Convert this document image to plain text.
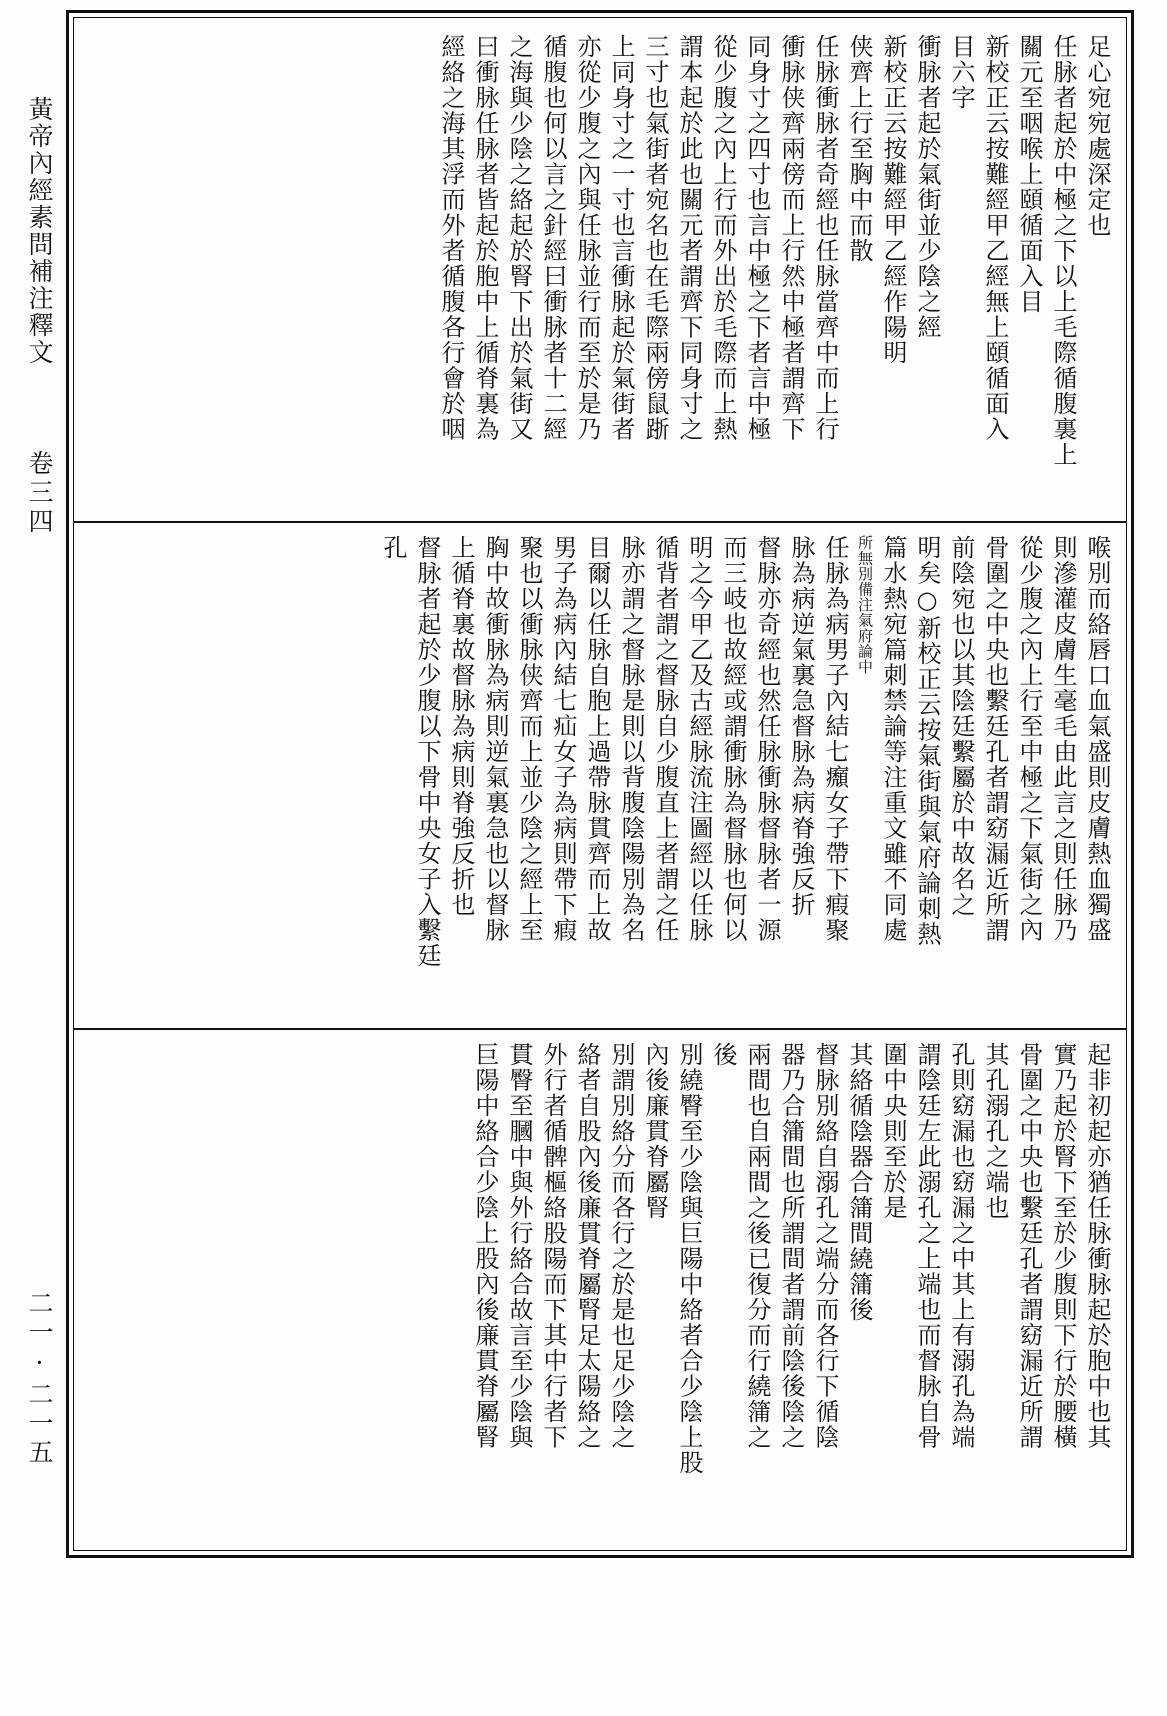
黃帝內經素問補注釋文
卷三四
二一·二一五
足心宛宛處深定也
任脉者起於中極之下以上毛際循腹裏上
關元至咽喉上頤循面入目
新校正云按難經甲乙經無上頤循面入
目六字
衝脉者起於氣街並少陰之經
新校正云按難經甲乙經作陽明
侠齊上行至胸中而散
任脉衝脉者奇經也任脉當齊中而上行
衝脉侠齊兩傍而上行然中極者謂齊下
同身寸之四寸也言中極之下者言中極
從少腹之內上行而外出於毛際而上熱
謂本起於此也關元者謂齊下同身寸之
三寸也氣街者宛名也在毛際兩傍鼠䟷
上同身寸之一寸也言衝脉起於氣街者
亦從少腹之內與任脉並行而至於是乃
循腹也何以言之針經曰衝脉者十二經
之海與少陰之絡起於腎下出於氣街又
曰衝脉任脉者皆起於胞中上循脊裏為
經絡之海其浮而外者循腹各行會於咽
喉別而絡唇口血氣盛則皮膚熱血獨盛
則滲灌皮膚生毫毛由此言之則任脉乃
從少腹之內上行至中極之下氣街之內
骨圍之中央也繫廷孔者謂窈漏近所謂
前陰宛也以其陰廷繫屬於中故名之
明矣○新校正云按氣街與氣府論刺熱
篇水熱宛篇刺禁論等注重文雖不同處
所無別備注氣府論中
任脉為病男子內結七㿗女子帶下瘕聚
脉為病逆氣裏急督脉為病脊強反折
督脉亦奇經也然任脉衝脉督脉者一源
而三岐也故經或謂衝脉為督脉也何以
明之今甲乙及古經脉流注圖經以任脉
循背者謂之督脉自少腹直上者謂之任
脉亦謂之督脉是則以背腹陰陽別為名
目爾以任脉自胞上過帶脉貫齊而上故
男子為病內結七疝女子為病則帶下瘕
聚也以衝脉侠齊而上並少陰之經上至
胸中故衝脉為病則逆氣裏急也以督脉
上循脊裏故督脉為病則脊強反折也
督脉者起於少腹以下骨中央女子入繫廷
孔
起非初起亦猶任脉衝脉起於胞中也其
實乃起於腎下至於少腹則下行於腰橫
骨圍之中央也繫廷孔者謂窈漏近所謂
其孔溺孔之端也
孔則窈漏也窈漏之中其上有溺孔為端
謂陰廷左此溺孔之上端也而督脉自骨
圍中央則至於是
其絡循陰器合䈬間繞䈬後
督脉別絡自溺孔之端分而各行下循陰
器乃合䈬間也所謂間者謂前陰後陰之
兩間也自兩間之後已復分而行繞䈬之
後
別繞臀至少陰與巨陽中絡者合少陰上股
內後廉貫脊屬腎
別謂別絡分而各行之於是也足少陰之
絡者自股內後廉貫脊屬腎足太陽絡之
外行者循髀樞絡股陽而下其中行者下
貫臀至膕中與外行絡合故言至少陰與
巨陽中絡合少陰上股內後廉貫脊屬腎
